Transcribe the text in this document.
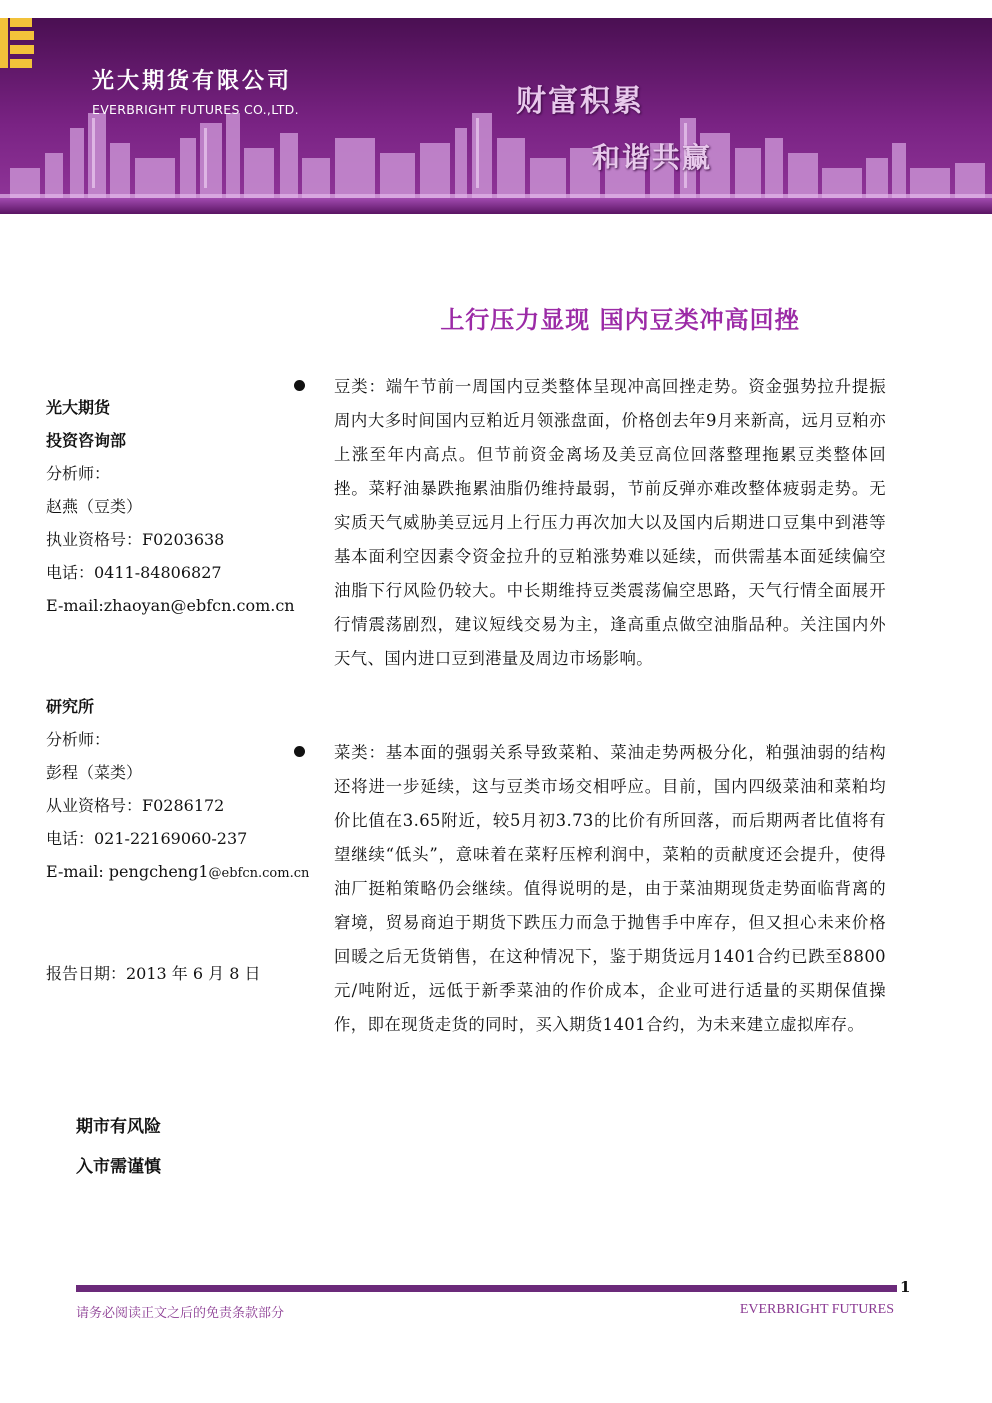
光大期货有限公司
EVERBRIGHT FUTURES CO.,LTD.	财富积累
和谐共赢
上行压力显现 国内豆类冲高回挫
光大期货
投资咨询部
分析师：
赵燕（豆类）
执业资格号：F0203638
电话：0411-84806827
E-mail:zhaoyan@ebfcn.com.cn
研究所
分析师：
彭程（菜类）
从业资格号：F0286172
电话：021-22169060-237
E-mail: pengcheng1@ebfcn.com.cn
报告日期：2013 年 6 月 8 日
豆类：端午节前一周国内豆类整体呈现冲高回挫走势。资金强势拉升提振周内大多时间国内豆粕近月领涨盘面，价格创去年9月来新高，远月豆粕亦上涨至年内高点。但节前资金离场及美豆高位回落整理拖累豆类整体回挫。菜籽油暴跌拖累油脂仍维持最弱，节前反弹亦难改整体疲弱走势。无实质天气威胁美豆远月上行压力再次加大以及国内后期进口豆集中到港等基本面利空因素令资金拉升的豆粕涨势难以延续，而供需基本面延续偏空油脂下行风险仍较大。中长期维持豆类震荡偏空思路，天气行情全面展开行情震荡剧烈，建议短线交易为主，逢高重点做空油脂品种。关注国内外天气、国内进口豆到港量及周边市场影响。
菜类：基本面的强弱关系导致菜粕、菜油走势两极分化，粕强油弱的结构还将进一步延续，这与豆类市场交相呼应。目前，国内四级菜油和菜粕均价比值在3.65附近，较5月初3.73的比价有所回落，而后期两者比值将有望继续“低头”，意味着在菜籽压榨利润中，菜粕的贡献度还会提升，使得油厂挺粕策略仍会继续。值得说明的是，由于菜油期现货走势面临背离的窘境，贸易商迫于期货下跌压力而急于抛售手中库存，但又担心未来价格回暖之后无货销售，在这种情况下，鉴于期货远月1401合约已跌至8800元/吨附近，远低于新季菜油的作价成本，企业可进行适量的买期保值操作，即在现货走货的同时，买入期货1401合约，为未来建立虚拟库存。
期市有风险
入市需谨慎
1
请务必阅读正文之后的免责条款部分	EVERBRIGHT FUTURES
